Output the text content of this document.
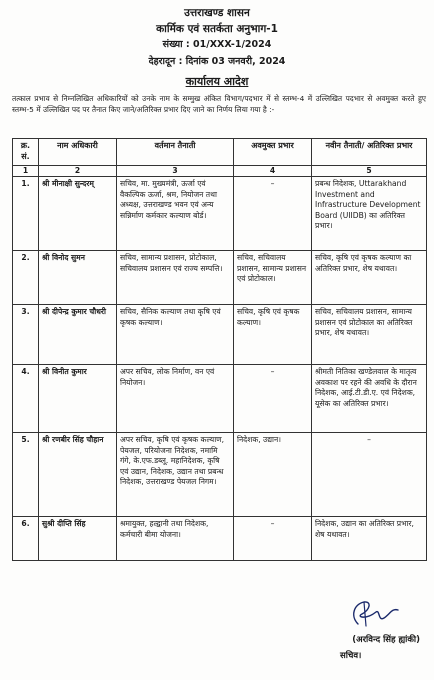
उत्तराखण्ड शासन
कार्मिक एवं सतर्कता अनुभाग-1
संख्या : 01/XXX-1/2024
देहरादून : दिनांक 03 जनवरी, 2024
कार्यालय आदेश
तत्काल प्रभाव से निम्नलिखित अधिकारियों को उनके नाम के सम्मुख अंकित विभाग/पदभार में से स्तम्भ-4 में उल्लिखित पदभार से अवमुक्त करते हुए स्तम्भ-5 में उल्लिखित पद पर तैनात किए जाने/अतिरिक्त प्रभार दिए जाने का निर्णय लिया गया है :-
क्र. सं.	नाम अधिकारी	वर्तमान तैनाती	अवमुक्त प्रभार	नवीन तैनाती/ अतिरिक्त प्रभार
1	2	3	4	5
1.	श्री मीनाक्षी सुन्दरम्	सचिव, मा. मुख्यमंत्री, ऊर्जा एवं वैकल्पिक ऊर्जा, श्रम, नियोजन तथा अध्यक्ष, उत्तराखण्ड भवन एवं अन्य सन्निर्माण कर्मकार कल्याण बोर्ड।	–	प्रबन्ध निदेशक, Uttarakhand Investment and Infrastructure Development Board (UIIDB) का अतिरिक्त प्रभार।
2.	श्री विनोद सुमन	सचिव, सामान्य प्रशासन, प्रोटोकाल, सचिवालय प्रशासन एवं राज्य सम्पत्ति।	सचिव, सचिवालय प्रशासन, सामान्य प्रशासन एवं प्रोटोकाल।	सचिव, कृषि एवं कृषक कल्याण का अतिरिक्त प्रभार, शेष यथावत।
3.	श्री दीपेन्द्र कुमार चौधरी	सचिव, सैनिक कल्याण तथा कृषि एवं कृषक कल्याण।	सचिव, कृषि एवं कृषक कल्याण।	सचिव, सचिवालय प्रशासन, सामान्य प्रशासन एवं प्रोटोकाल का अतिरिक्त प्रभार, शेष यथावत।
4.	श्री विनीत कुमार	अपर सचिव, लोक निर्माण, वन एवं नियोजन।	–	श्रीमती नितिका खण्डेलवाल के मातृत्व अवकाश पर रहने की अवधि के दौरान निदेशक, आई.टी.डी.ए. एवं निदेशक, यूसेक का अतिरिक्त प्रभार।
5.	श्री रणबीर सिंह चौहान	अपर सचिव, कृषि एवं कृषक कल्याण, पेयजल, परियोजना निदेशक, नमामि गंगे, के.एफ.डब्लू. महानिदेशक, कृषि एवं उद्यान, निदेशक, उद्यान तथा प्रबन्ध निदेशक, उत्तराखण्ड पेयजल निगम।	निदेशक, उद्यान।	–
6.	सुश्री दीप्ति सिंह	श्रमायुक्त, हल्द्वानी तथा निदेशक, कर्मचारी बीमा योजना।	–	निदेशक, उद्यान का अतिरिक्त प्रभार, शेष यथावत।
(अरविन्द सिंह ह्यांकी)
सचिव।
